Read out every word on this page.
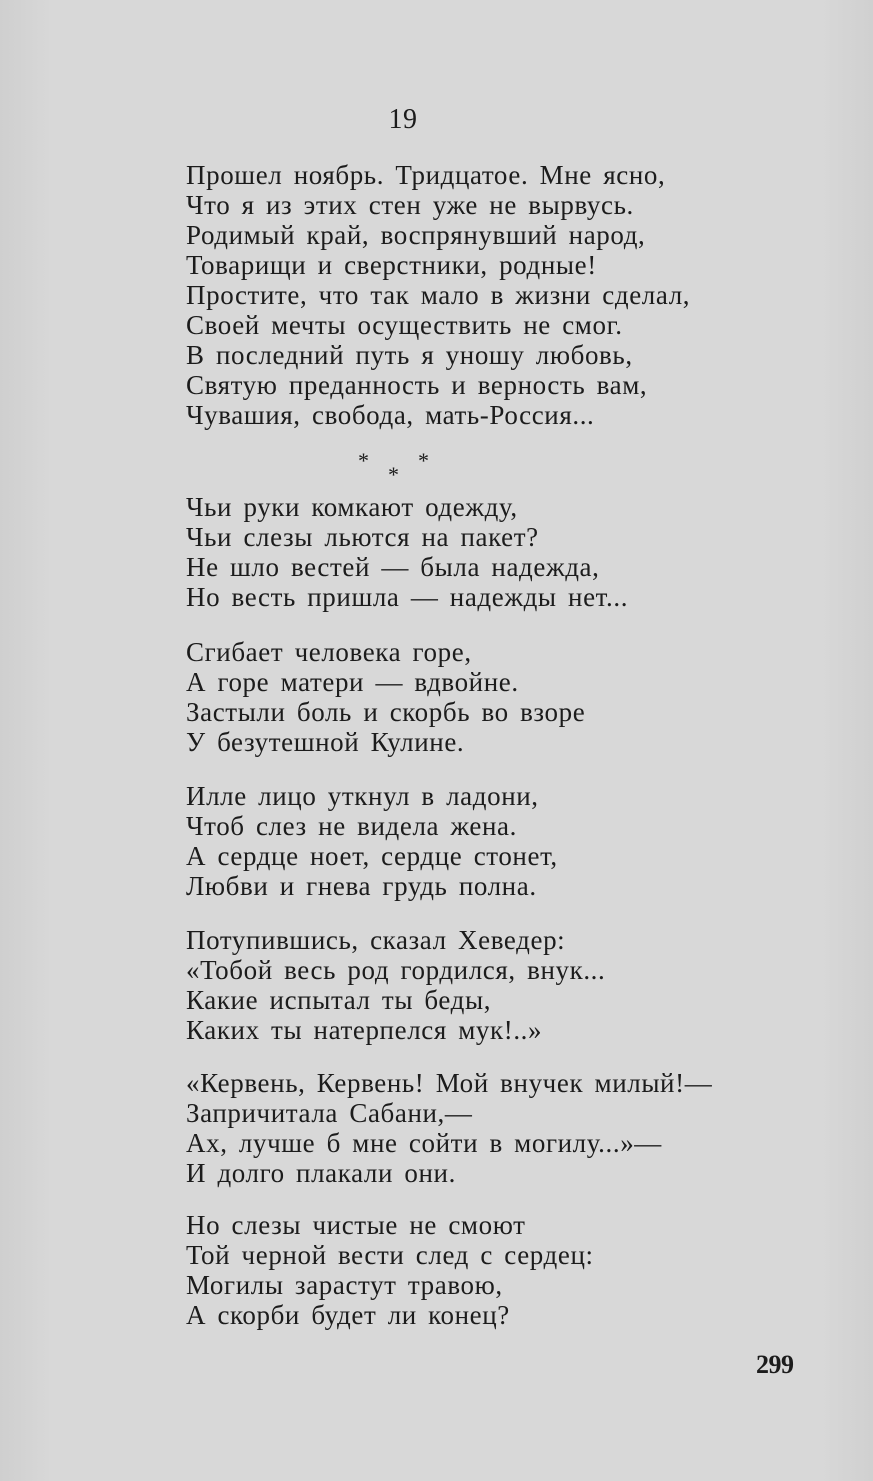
19
Прошел ноябрь. Тридцатое. Мне ясно,
Что я из этих стен уже не вырвусь.
Родимый край, воспрянувший народ,
Товарищи и сверстники, родные!
Простите, что так мало в жизни сделал,
Своей мечты осуществить не смог.
В последний путь я уношу любовь,
Святую преданность и верность вам,
Чувашия, свобода, мать-Россия...
* *
*
Чьи руки комкают одежду,
Чьи слезы льются на пакет?
Не шло вестей — была надежда,
Но весть пришла — надежды нет...
Сгибает человека горе,
А горе матери — вдвойне.
Застыли боль и скорбь во взоре
У безутешной Кулине.
Илле лицо уткнул в ладони,
Чтоб слез не видела жена.
А сердце ноет, сердце стонет,
Любви и гнева грудь полна.
Потупившись, сказал Хеведер:
«Тобой весь род гордился, внук...
Какие испытал ты беды,
Каких ты натерпелся мук!..»
«Кервень, Кервень! Мой внучек милый!—
Запричитала Сабани,—
Ах, лучше б мне сойти в могилу...»—
И долго плакали они.
Но слезы чистые не смоют
Той черной вести след с сердец:
Могилы зарастут травою,
А скорби будет ли конец?
299
